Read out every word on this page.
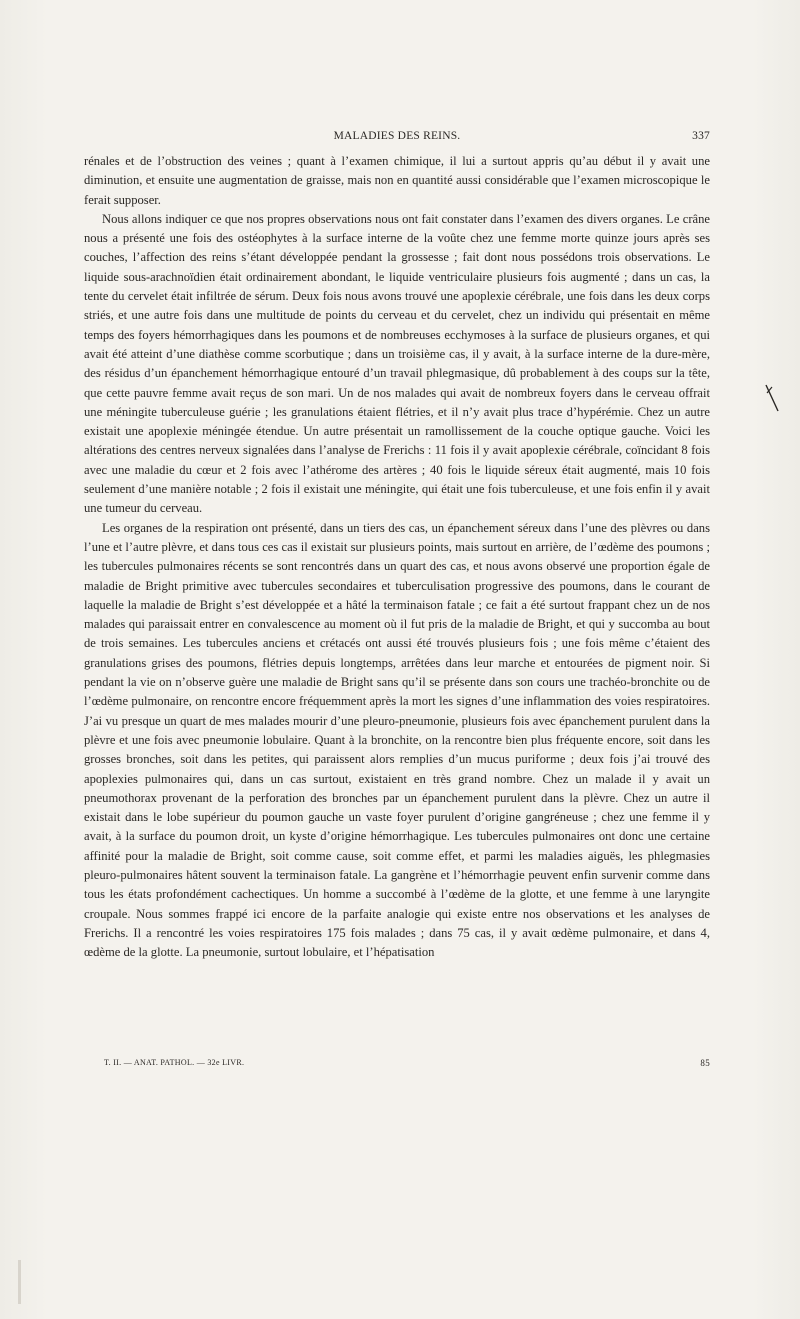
MALADIES DES REINS.	337

rénales et de l’obstruction des veines ; quant à l’examen chimique, il lui a surtout appris qu’au début il y avait une diminution, et ensuite une augmentation de graisse, mais non en quantité aussi considérable que l’examen microscopique le ferait supposer.

Nous allons indiquer ce que nos propres observations nous ont fait constater dans l’examen des divers organes. Le crâne nous a présenté une fois des ostéophytes à la surface interne de la voûte chez une femme morte quinze jours après ses couches, l’affection des reins s’étant développée pendant la grossesse ; fait dont nous possédons trois observations. Le liquide sous-arachnoïdien était ordinairement abondant, le liquide ventriculaire plusieurs fois augmenté ; dans un cas, la tente du cervelet était infiltrée de sérum. Deux fois nous avons trouvé une apoplexie cérébrale, une fois dans les deux corps striés, et une autre fois dans une multitude de points du cerveau et du cervelet, chez un individu qui présentait en même temps des foyers hémorrhagiques dans les poumons et de nombreuses ecchymoses à la surface de plusieurs organes, et qui avait été atteint d’une diathèse comme scorbutique ; dans un troisième cas, il y avait, à la surface interne de la dure-mère, des résidus d’un épanchement hémorrhagique entouré d’un travail phlegmasique, dû probablement à des coups sur la tête, que cette pauvre femme avait reçus de son mari. Un de nos malades qui avait de nombreux foyers dans le cerveau offrait une méningite tuberculeuse guérie ; les granulations étaient flétries, et il n’y avait plus trace d’hypérémie. Chez un autre existait une apoplexie méningée étendue. Un autre présentait un ramollissement de la couche optique gauche. Voici les altérations des centres nerveux signalées dans l’analyse de Frerichs : 11 fois il y avait apoplexie cérébrale, coïncidant 8 fois avec une maladie du cœur et 2 fois avec l’athérome des artères ; 40 fois le liquide séreux était augmenté, mais 10 fois seulement d’une manière notable ; 2 fois il existait une méningite, qui était une fois tuberculeuse, et une fois enfin il y avait une tumeur du cerveau.

Les organes de la respiration ont présenté, dans un tiers des cas, un épanchement séreux dans l’une des plèvres ou dans l’une et l’autre plèvre, et dans tous ces cas il existait sur plusieurs points, mais surtout en arrière, de l’œdème des poumons ; les tubercules pulmonaires récents se sont rencontrés dans un quart des cas, et nous avons observé une proportion égale de maladie de Bright primitive avec tubercules secondaires et tuberculisation progressive des poumons, dans le courant de laquelle la maladie de Bright s’est développée et a hâté la terminaison fatale ; ce fait a été surtout frappant chez un de nos malades qui paraissait entrer en convalescence au moment où il fut pris de la maladie de Bright, et qui y succomba au bout de trois semaines. Les tubercules anciens et crétacés ont aussi été trouvés plusieurs fois ; une fois même c’étaient des granulations grises des poumons, flétries depuis longtemps, arrêtées dans leur marche et entourées de pigment noir. Si pendant la vie on n’observe guère une maladie de Bright sans qu’il se présente dans son cours une trachéo-bronchite ou de l’œdème pulmonaire, on rencontre encore fréquemment après la mort les signes d’une inflammation des voies respiratoires. J’ai vu presque un quart de mes malades mourir d’une pleuro-pneumonie, plusieurs fois avec épanchement purulent dans la plèvre et une fois avec pneumonie lobulaire. Quant à la bronchite, on la rencontre bien plus fréquente encore, soit dans les grosses bronches, soit dans les petites, qui paraissent alors remplies d’un mucus puriforme ; deux fois j’ai trouvé des apoplexies pulmonaires qui, dans un cas surtout, existaient en très grand nombre. Chez un malade il y avait un pneumothorax provenant de la perforation des bronches par un épanchement purulent dans la plèvre. Chez un autre il existait dans le lobe supérieur du poumon gauche un vaste foyer purulent d’origine gangréneuse ; chez une femme il y avait, à la surface du poumon droit, un kyste d’origine hémorrhagique. Les tubercules pulmonaires ont donc une certaine affinité pour la maladie de Bright, soit comme cause, soit comme effet, et parmi les maladies aiguës, les phlegmasies pleuro-pulmonaires hâtent souvent la terminaison fatale. La gangrène et l’hémorrhagie peuvent enfin survenir comme dans tous les états profondément cachectiques. Un homme a succombé à l’œdème de la glotte, et une femme à une laryngite croupale. Nous sommes frappé ici encore de la parfaite analogie qui existe entre nos observations et les analyses de Frerichs. Il a rencontré les voies respiratoires 175 fois malades ; dans 75 cas, il y avait œdème pulmonaire, et dans 4, œdème de la glotte. La pneumonie, surtout lobulaire, et l’hépatisation

T. II. — ANAT. PATHOL. — 32e LIVR.	85
